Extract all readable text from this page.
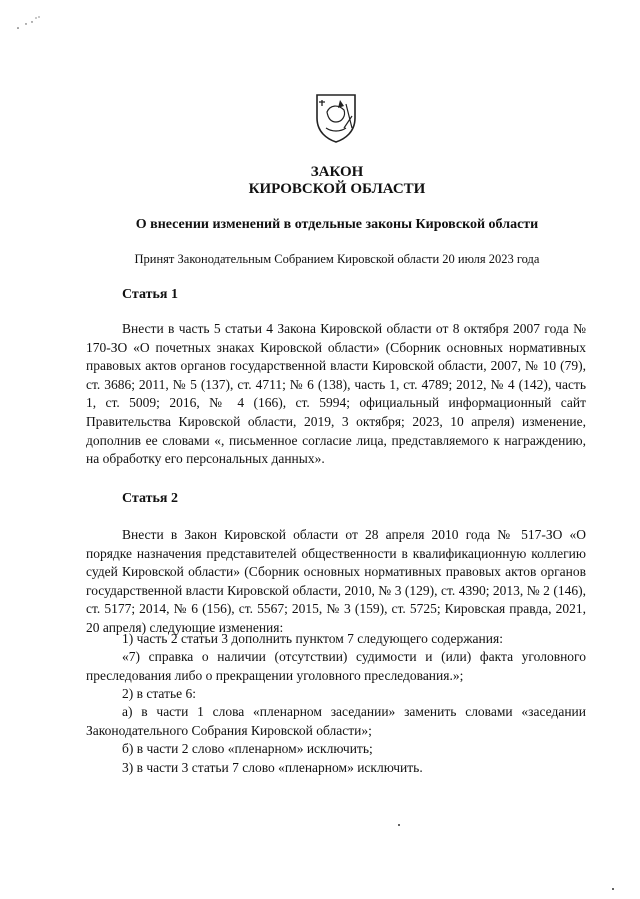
ЗАКОН
КИРОВСКОЙ ОБЛАСТИ

О внесении изменений в отдельные законы Кировской области

Принят Законодательным Собранием Кировской области 20 июля 2023 года

Статья 1

Внести в часть 5 статьи 4 Закона Кировской области от 8 октября 2007 года № 170-ЗО «О почетных знаках Кировской области» (Сборник основных нормативных правовых актов органов государственной власти Кировской области, 2007, № 10 (79), ст. 3686; 2011, № 5 (137), ст. 4711; № 6 (138), часть 1, ст. 4789; 2012, № 4 (142), часть 1, ст. 5009; 2016, № 4 (166), ст. 5994; официальный информационный сайт Правительства Кировской области, 2019, 3 октября; 2023, 10 апреля) изменение, дополнив ее словами «, письменное согласие лица, представляемого к награждению, на обработку его персональных данных».

Статья 2

Внести в Закон Кировской области от 28 апреля 2010 года № 517-ЗО «О порядке назначения представителей общественности в квалификационную коллегию судей Кировской области» (Сборник основных нормативных правовых актов органов государственной власти Кировской области, 2010, № 3 (129), ст. 4390; 2013, № 2 (146), ст. 5177; 2014, № 6 (156), ст. 5567; 2015, № 3 (159), ст. 5725; Кировская правда, 2021, 20 апреля) следующие изменения:

1) часть 2 статьи 3 дополнить пунктом 7 следующего содержания:

«7) справка о наличии (отсутствии) судимости и (или) факта уголовного преследования либо о прекращении уголовного преследования.»;

2) в статье 6:

а) в части 1 слова «пленарном заседании» заменить словами «заседании Законодательного Собрания Кировской области»;

б) в части 2 слово «пленарном» исключить;

3) в части 3 статьи 7 слово «пленарном» исключить.
